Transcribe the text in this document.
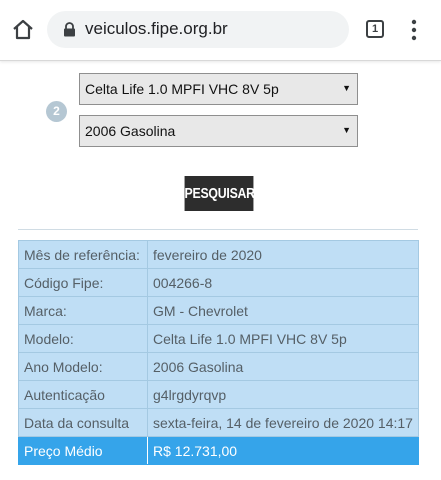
veiculos.fipe.org.br	1
2
Celta Life 1.0 MPFI VHC 8V 5p	▼
2006 Gasolina	▼
PESQUISAR
Mês de referência:	fevereiro de 2020
Código Fipe:	004266-8
Marca:	GM - Chevrolet
Modelo:	Celta Life 1.0 MPFI VHC 8V 5p
Ano Modelo:	2006 Gasolina
Autenticação	g4lrgdyrqvp
Data da consulta	sexta-feira, 14 de fevereiro de 2020 14:17
Preço Médio	R$ 12.731,00
